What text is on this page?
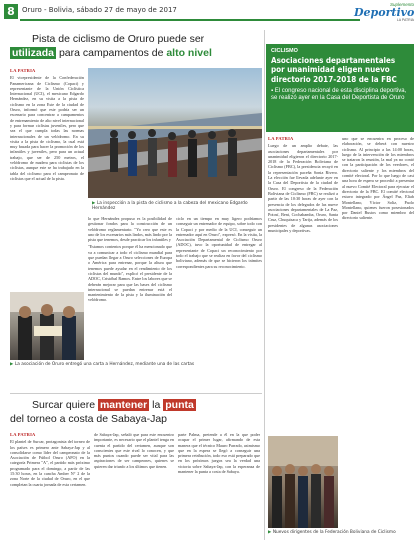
8	Oruro - Bolivia, sábado 27 de mayo de 2017
Suplemento
Deportivo
LA PATRIA
Pista de ciclismo de Oruro puede ser
utilizada para campamentos de alto nivel

LA PATRIA

El vicepresidente de la Confederación Panamericana de Ciclismo (Copaci) y representante de la Unión Ciclística Internacional (UCI), el mexicano Edgardo Hernández, en su visita a la pista de ciclismo en la zona Este de la ciudad de Oruro, informó que este podría ser un escenario para concentrar a campamentos de entrenamiento de alto nivel internacional y para formar ciclistas juveniles, pero que sea el que cumpla todas las normas internacionales de un velódromo. En su visita a la pista de ciclismo, la cual está muy basada para hacer la promoción de los infantiles y juveniles, pero para un actual trabajo, que ser de 250 metros, el velódromo de madera para ciclistas de los ciclistas, aunque este se ha trabajado en la tabla del ciclismo para el campeonato de ciclistas que el actual de la pista.

▶ La inspección a la pista de ciclismo a la cabeza del mexicano Edgardo Hernández

lo que Hernández propuso es la posibilidad de gestionar fondos para la construcción de un velódromo reglamentario. "Yo creo que este es uno de los escenarios más lindos, más lindo por la pista que tenemos, desde practicar los infantiles y

"Estamos contentos porque él ha mencionado que va a comunicar a todo el ciclismo mundial para que puedan llegar a Oruro selecciones de Europa o América para entrenar, porque la altura que tenemos puede ayudar en el rendimiento de los ciclistas del mundo", explicó el presidente de la ADOC, Cristóbal Ramos. Entre los labores que se deberán mejorar para que las bases del ciclismo internacional se puedan entrenar está el mantenimiento de la pista y la iluminación del velódromo.

ciclo en un tiempo en muy ligero podríamos conseguir un entrenador de equipo, sobre todo con la Copaci y por medio de la UCI, conseguir un entrenador aquí en Oruro", expresó. En la visita, la Asociación Departamental de Ciclismo Oruro (ADOC), tuvo la oportunidad de entregar al representante de Copaci un reconocimiento por todo el trabajo que se realiza en favor del ciclismo boliviano, además de que se hicieron los trámites correspondientes para su reconocimiento.

▶ La asociación de Oruro entregó una carta a Hernández, mediante una de las cartas
CICLISMO
Asociaciones departamentales por unanimidad eligen nuevo directorio 2017-2018 de la FBC
▪ El congreso nacional de esta disciplina deportiva, se realizó ayer en la Casa del Deportista de Oruro

LA PATRIA

Luego de un amplio debate, las asociaciones departamentales por unanimidad eligieron el directorio 2017-2018 de la Federación Boliviana de Ciclismo (FBC), la presidencia recayó en la representación paceña Sonia Rivero. La elección fue llevada adelante ayer en la Casa del Deportista de la ciudad de Oruro. El congreso de la Federación Boliviana de Ciclismo (FBC) se realizó a partir de las 10:30 horas de ayer con la presencia de los delegados de las nueve asociaciones departamentales de La Paz, Potosí, Beni, Cochabamba, Oruro, Santa Cruz, Chuquisaca y Tarija, además de los presidentes de algunas asociaciones municipales y deportivas.

uno que se encuentra en proceso de elaboración, se deberá con nuestro ciclismo. Al principio a las 14:00 horas, luego de la intervención de los miembros se trataron la reunión, la mal ya no contó con la participación de los veedores, el directorio saliente y los miembros del comité electoral. Por lo que luego de casi una hora de espera se procedió a presentar al nuevo Comité Electoral para ejecutar el directorio de la FBC. El comité electoral estuvo integrado por Ángel Paz, Eliab Montellano, Víctor Soliz, Paolo Montellano, quienes fueron posesionados por Daniel Bustos como miembro del directorio saliente.

▶ Nuevos dirigentes de la Federación Boliviana de Ciclismo
Surcar quiere mantener la punta
del torneo a costa de Sabaya-Jap

LA PATRIA

El plantel de Surcar, protagonista del torneo de los países es primero ante Sabaya-Jap y al consolidarse como líder del campeonato de la Asociación de Fútbol Oruro (AFO) en la categoría Primera "A", el partido más próximo programado para el domingo, a partir de las 15:30 horas, en la cancha Amber N° 2 de la zona Norte de la ciudad de Oruro, en el que completan la cuarta jornada de esta certamen.

de Sabaya-Jap, señaló que para este encuentro importante, es necesario que el plantel tenga en cuenta el partido del certamen, aunque son conscientes que este rival lo conocen, y que más puntos cuando puede ser vital para las aspiraciones de ser campeones, quienes se quieren dar triunfo a los últimos que tienen.

parte Palma, pretende a él en la que poder ocupar el primer lugar, afirmando de esta manera que el técnico Mauro Parrado, asimismo que en la espera se llegó a conseguir una primera retribución, todo eso está preparado que en los próximos juegos sea la verdad una victoria sobre Sabaya-Jap, con la esperanza de mantener la punta a costa de Sabaya.
